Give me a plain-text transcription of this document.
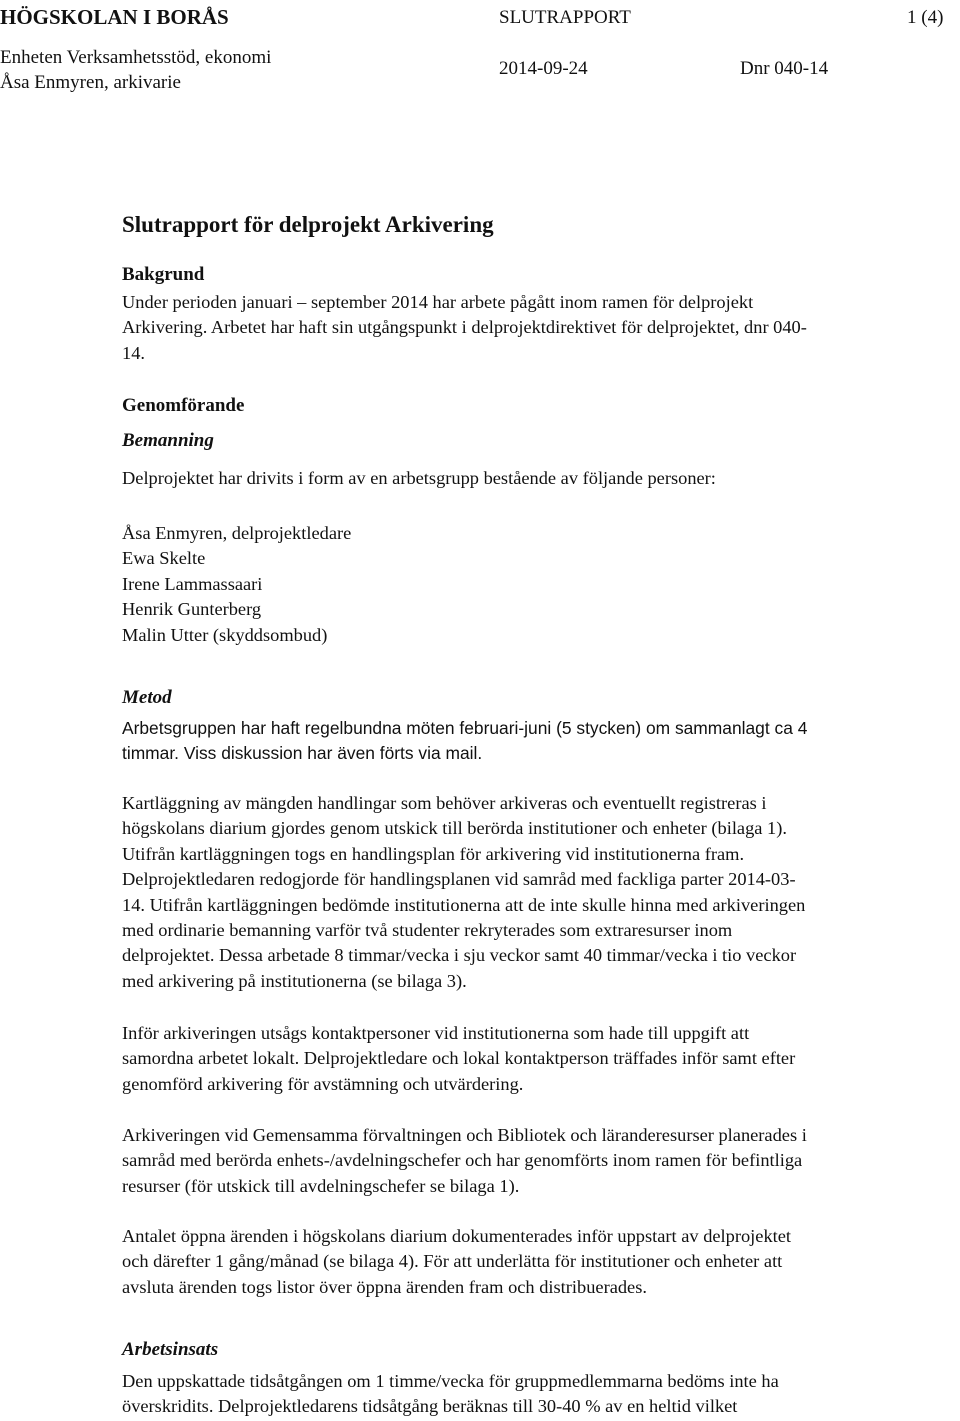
HÖGSKOLAN I BORÅS
Enheten Verksamhetsstöd, ekonomi
Åsa Enmyren, arkivarie
SLUTRAPPORT	1 (4)
2014-09-24	Dnr 040-14
Slutrapport för delprojekt Arkivering
Bakgrund

Under perioden januari – september 2014 har arbete pågått inom ramen för delprojekt
Arkivering. Arbetet har haft sin utgångspunkt i delprojektdirektivet för delprojektet, dnr 040-
14.

Genomförande
Bemanning

Delprojektet har drivits i form av en arbetsgrupp bestående av följande personer:

Åsa Enmyren, delprojektledare
Ewa Skelte
Irene Lammassaari
Henrik Gunterberg
Malin Utter (skyddsombud)
Metod

Arbetsgruppen har haft regelbundna möten februari-juni (5 stycken) om sammanlagt ca 4
timmar. Viss diskussion har även förts via mail.

Kartläggning av mängden handlingar som behöver arkiveras och eventuellt registreras i
högskolans diarium gjordes genom utskick till berörda institutioner och enheter (bilaga 1).
Utifrån kartläggningen togs en handlingsplan för arkivering vid institutionerna fram.
Delprojektledaren redogjorde för handlingsplanen vid samråd med fackliga parter 2014-03-
14. Utifrån kartläggningen bedömde institutionerna att de inte skulle hinna med arkiveringen
med ordinarie bemanning varför två studenter rekryterades som extraresurser inom
delprojektet. Dessa arbetade 8 timmar/vecka i sju veckor samt 40 timmar/vecka i tio veckor
med arkivering på institutionerna (se bilaga 3).

Inför arkiveringen utsågs kontaktpersoner vid institutionerna som hade till uppgift att
samordna arbetet lokalt. Delprojektledare och lokal kontaktperson träffades inför samt efter
genomförd arkivering för avstämning och utvärdering.

Arkiveringen vid Gemensamma förvaltningen och Bibliotek och läranderesurser planerades i
samråd med berörda enhets-/avdelningschefer och har genomförts inom ramen för befintliga
resurser (för utskick till avdelningschefer se bilaga 1).

Antalet öppna ärenden i högskolans diarium dokumenterades inför uppstart av delprojektet
och därefter 1 gång/månad (se bilaga 4). För att underlätta för institutioner och enheter att
avsluta ärenden togs listor över öppna ärenden fram och distribuerades.

Arbetsinsats

Den uppskattade tidsåtgången om 1 timme/vecka för gruppmedlemmarna bedöms inte ha
överskridits. Delprojektledarens tidsåtgång beräknas till 30-40 % av en heltid vilket
